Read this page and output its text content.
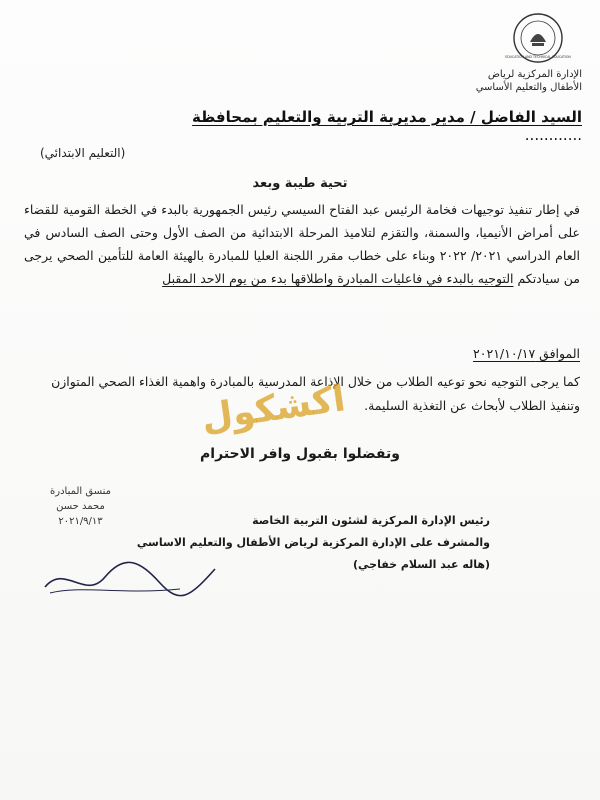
EDUCATION AND TECHNICAL EDUCATION
الإدارة المركزية لرياض
الأطفال والتعليم الأساسي
السيد الفاضل / مدير مديرية التربية والتعليم بمحافظة ............
(التعليم الابتدائي)
تحية طيبة وبعد

في إطار تنفيذ توجيهات فخامة الرئيس عبد الفتاح السيسي رئيس الجمهورية بالبدء في الخطة القومية للقضاء على أمراض الأنيميا، والسمنة، والتقزم لتلاميذ المرحلة الابتدائية من الصف الأول وحتى الصف السادس في العام الدراسي ٢٠٢١/ ٢٠٢٢ وبناء على خطاب مقرر اللجنة العليا للمبادرة بالهيئة العامة للتأمين الصحي يرجى من سيادتكم التوجيه بالبدء في فاعليات المبادرة واطلاقها بدء من يوم الاحد المقبل

الموافق ٢٠٢١/١٠/١٧
كما يرجى التوجيه نحو توعيه الطلاب من خلال الإذاعة المدرسية بالمبادرة واهمية الغذاء الصحي المتوازن وتنفيذ الطلاب لأبحاث عن التغذية السليمة.
وتفضلوا بقبول وافر الاحترام
اكشكول
منسق المبادرة
محمد حسن
٢٠٢١/٩/١٣	رئيس الإدارة المركزية لشئون التربية الخاصة
والمشرف على الإدارة المركزية لرياض الأطفال والتعليم الاساسي
(هاله عبد السلام خفاجي)
